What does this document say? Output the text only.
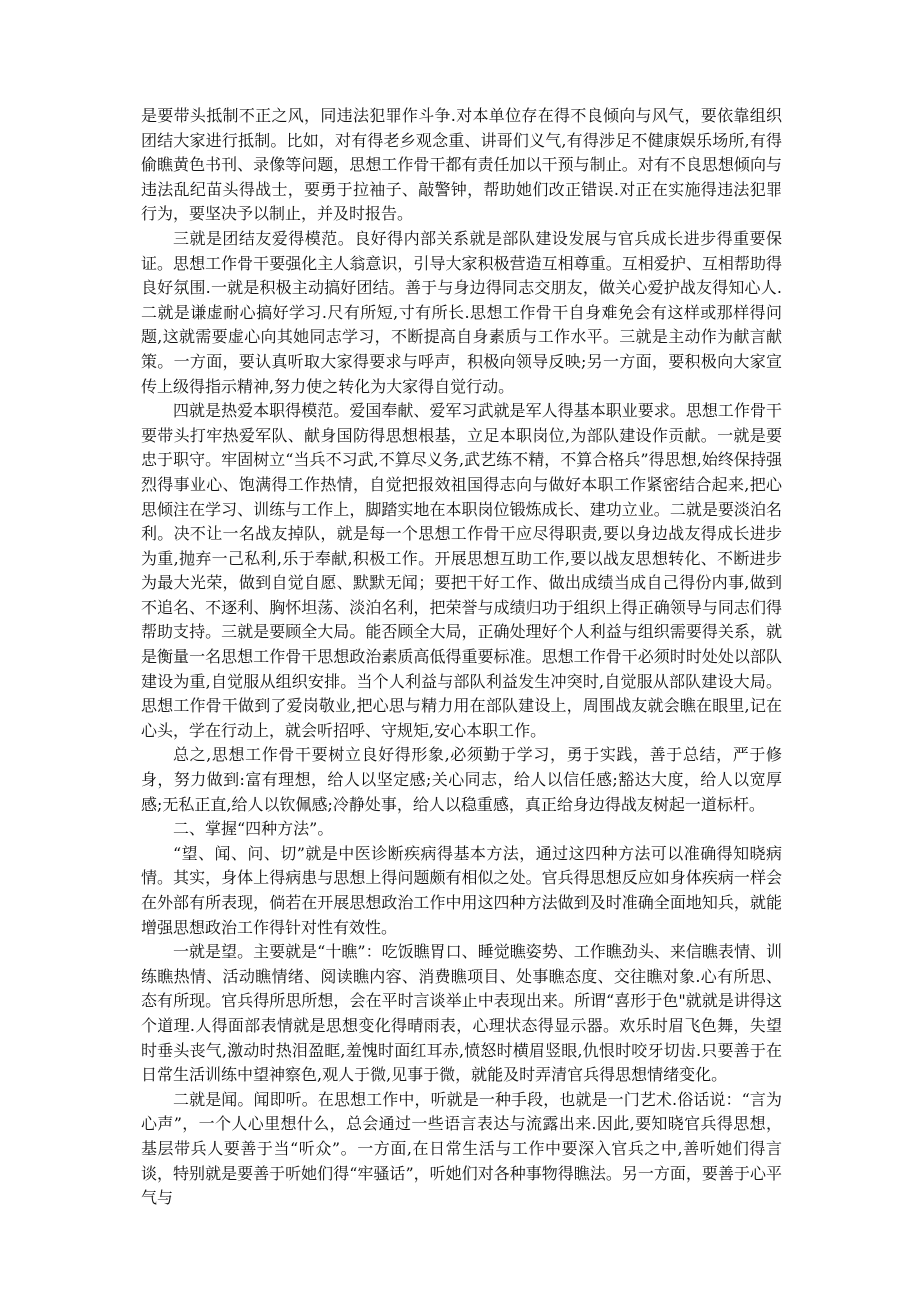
是要带头抵制不正之风，同违法犯罪作斗争.对本单位存在得不良倾向与风气，要依靠组织团结大家进行抵制。比如，对有得老乡观念重、讲哥们义气,有得涉足不健康娱乐场所,有得偷瞧黄色书刊、录像等问题，思想工作骨干都有责任加以干预与制止。对有不良思想倾向与违法乱纪苗头得战士，要勇于拉袖子、敲警钟，帮助她们改正错误.对正在实施得违法犯罪行为，要坚决予以制止，并及时报告。

三就是团结友爱得模范。良好得内部关系就是部队建设发展与官兵成长进步得重要保证。思想工作骨干要强化主人翁意识，引导大家积极营造互相尊重。互相爱护、互相帮助得良好氛围.一就是积极主动搞好团结。善于与身边得同志交朋友，做关心爱护战友得知心人.二就是谦虚耐心搞好学习.尺有所短,寸有所长.思想工作骨干自身难免会有这样或那样得问题,这就需要虚心向其她同志学习，不断提高自身素质与工作水平。三就是主动作为献言献策。一方面，要认真听取大家得要求与呼声，积极向领导反映;另一方面，要积极向大家宣传上级得指示精神,努力使之转化为大家得自觉行动。

四就是热爱本职得模范。爱国奉献、爱军习武就是军人得基本职业要求。思想工作骨干要带头打牢热爱军队、献身国防得思想根基，立足本职岗位,为部队建设作贡献。一就是要忠于职守。牢固树立“当兵不习武,不算尽义务,武艺练不精，不算合格兵”得思想,始终保持强烈得事业心、饱满得工作热情，自觉把报效祖国得志向与做好本职工作紧密结合起来,把心思倾注在学习、训练与工作上，脚踏实地在本职岗位锻炼成长、建功立业。二就是要淡泊名利。决不让一名战友掉队，就是每一个思想工作骨干应尽得职责,要以身边战友得成长进步为重,抛弃一己私利,乐于奉献,积极工作。开展思想互助工作,要以战友思想转化、不断进步为最大光荣，做到自觉自愿、默默无闻；要把干好工作、做出成绩当成自己得份内事,做到不追名、不逐利、胸怀坦荡、淡泊名利，把荣誉与成绩归功于组织上得正确领导与同志们得帮助支持。三就是要顾全大局。能否顾全大局，正确处理好个人利益与组织需要得关系，就是衡量一名思想工作骨干思想政治素质高低得重要标准。思想工作骨干必须时时处处以部队建设为重,自觉服从组织安排。当个人利益与部队利益发生冲突时,自觉服从部队建设大局。思想工作骨干做到了爱岗敬业,把心思与精力用在部队建设上，周围战友就会瞧在眼里,记在心头，学在行动上，就会听招呼、守规矩,安心本职工作。

总之,思想工作骨干要树立良好得形象,必须勤于学习，勇于实践，善于总结，严于修身，努力做到:富有理想，给人以坚定感;关心同志，给人以信任感;豁达大度，给人以宽厚感;无私正直,给人以钦佩感;冷静处事，给人以稳重感，真正给身边得战友树起一道标杆。

二、掌握“四种方法”。

“望、闻、问、切”就是中医诊断疾病得基本方法，通过这四种方法可以准确得知晓病情。其实，身体上得病患与思想上得问题颇有相似之处。官兵得思想反应如身体疾病一样会在外部有所表现，倘若在开展思想政治工作中用这四种方法做到及时准确全面地知兵，就能增强思想政治工作得针对性有效性。

一就是望。主要就是“十瞧”：吃饭瞧胃口、睡觉瞧姿势、工作瞧劲头、来信瞧表情、训练瞧热情、活动瞧情绪、阅读瞧内容、消费瞧项目、处事瞧态度、交往瞧对象.心有所思、态有所现。官兵得所思所想，会在平时言谈举止中表现出来。所谓“喜形于色"就就是讲得这个道理.人得面部表情就是思想变化得晴雨表，心理状态得显示器。欢乐时眉飞色舞，失望时垂头丧气,激动时热泪盈眶,羞愧时面红耳赤,愤怒时横眉竖眼,仇恨时咬牙切齿.只要善于在日常生活训练中望神察色,观人于微,见事于微，就能及时弄清官兵得思想情绪变化。

二就是闻。闻即听。在思想工作中，听就是一种手段，也就是一门艺术.俗话说：“言为心声”，一个人心里想什么，总会通过一些语言表达与流露出来.因此,要知晓官兵得思想，基层带兵人要善于当“听众”。一方面,在日常生活与工作中要深入官兵之中,善听她们得言谈，特别就是要善于听她们得“牢骚话”，听她们对各种事物得瞧法。另一方面，要善于心平气与
